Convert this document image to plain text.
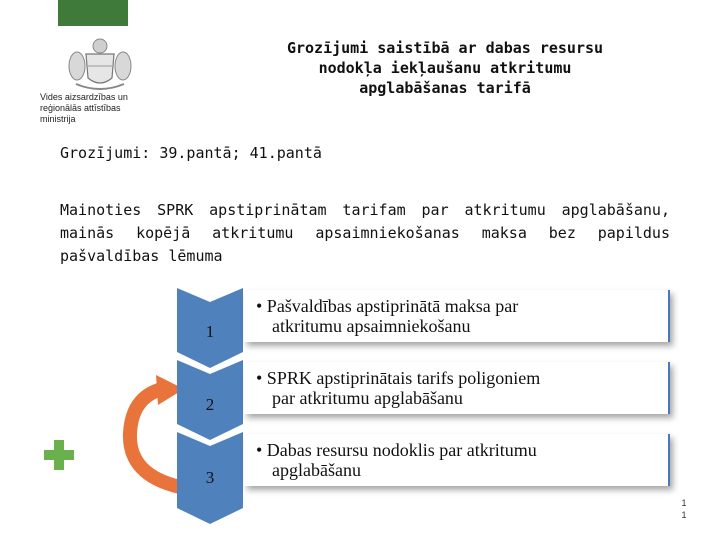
Vides aizsardzības un
reģionālās attīstības
ministrija
Grozījumi saistībā ar dabas resursu
nodokļa iekļaušanu atkritumu
apglabāšanas tarifā
Grozījumi: 39.pantā; 41.pantā
Mainoties SPRK apstiprinātam tarifam par atkritumu apglabāšanu, mainās kopējā atkritumu apsaimniekošanas maksa bez papildus pašvaldības lēmuma
1
2
3
• Pašvaldības apstiprinātā maksa par
atkritumu apsaimniekošanu
• SPRK apstiprinātais tarifs poligoniem
par atkritumu apglabāšanu
• Dabas resursu nodoklis par atkritumu
apglabāšanu
1
1
